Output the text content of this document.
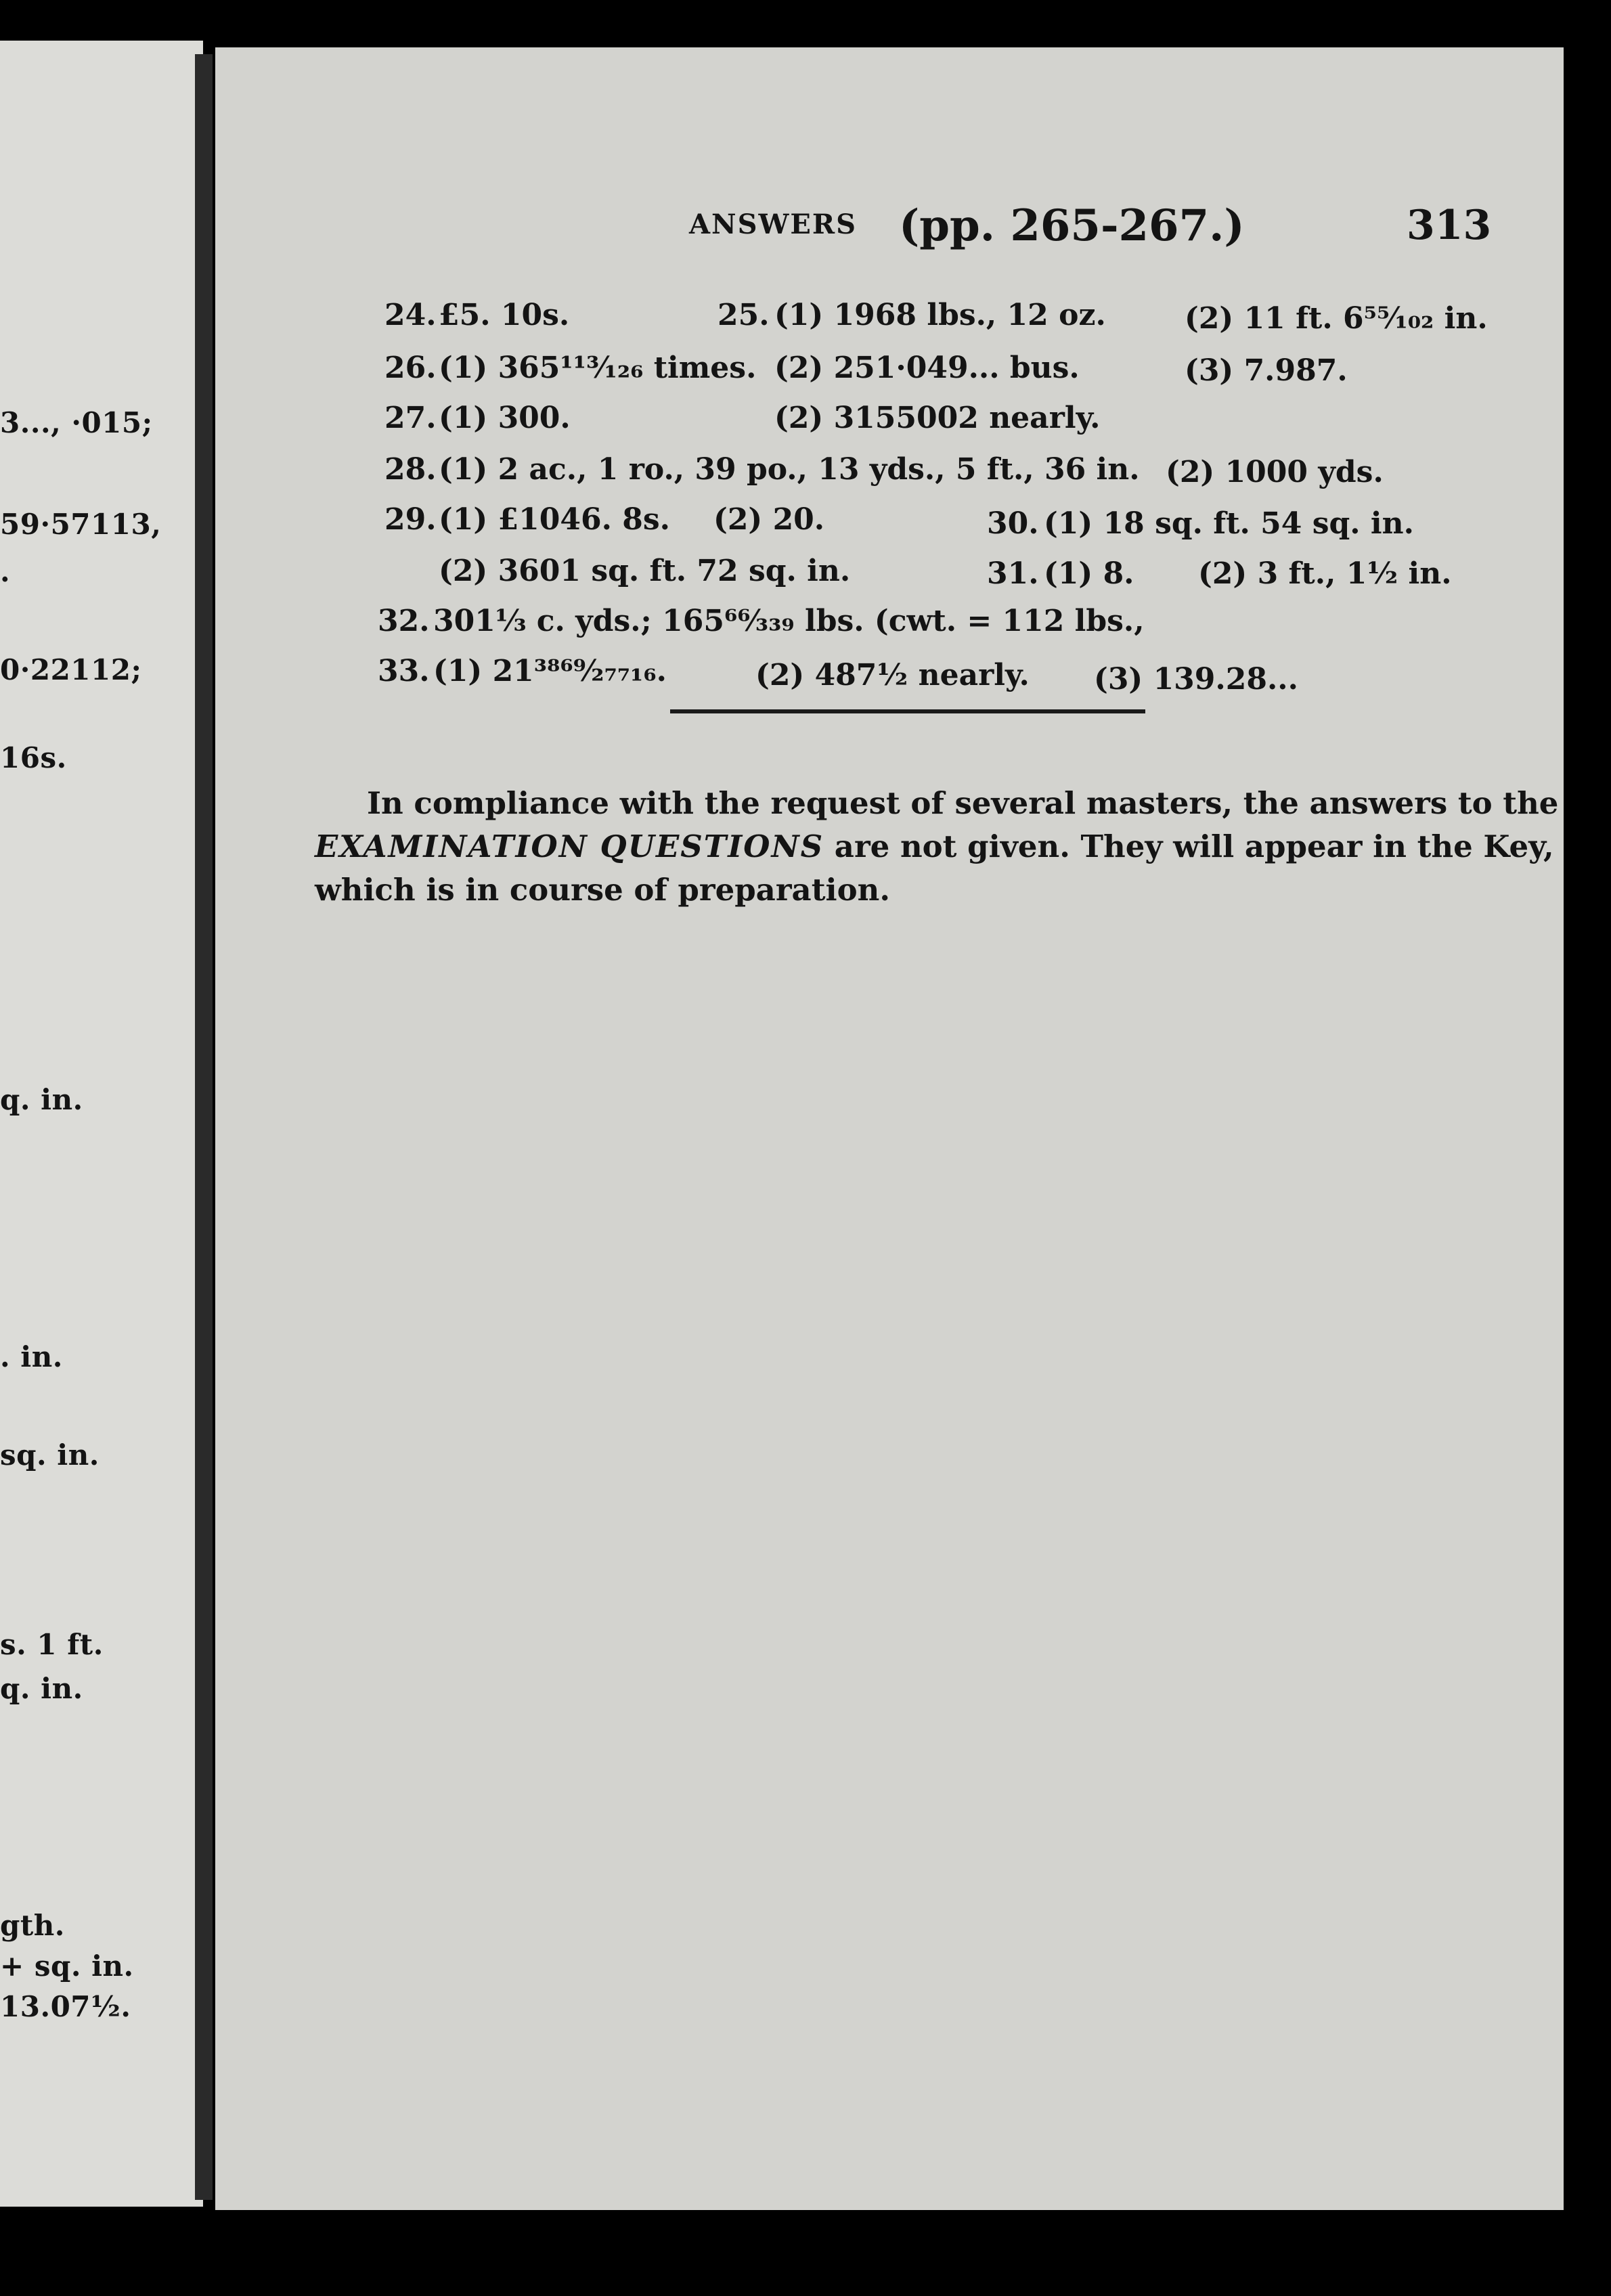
3..., ·015;
59·57113,
.
0·22112;
16s.
q. in.
. in.
sq. in.
s. 1 ft.
q. in.
gth.
+ sq. in.
13.07½.
ANSWERS (pp. 265-267.)	313
24. £5. 10s.	25. (1) 1968 lbs., 12 oz.	(2) 11 ft. 6⁵⁵⁄₁₀₂ in.
26. (1) 365¹¹³⁄₁₂₆ times. (2) 251·049... bus.	(3) 7.987.
27. (1) 300.	(2) 3155002 nearly.
28. (1) 2 ac., 1 ro., 39 po., 13 yds., 5 ft., 36 in. (2) 1000 yds.
29. (1) £1046. 8s. (2) 20.	30. (1) 18 sq. ft. 54 sq. in.
(2) 3601 sq. ft. 72 sq. in.	31. (1) 8. (2) 3 ft., 1½ in.
32. 301⅓ c. yds.; 165⁶⁶⁄₃₃₉ lbs. (cwt. = 112 lbs.,
33. (1) 21³⁸⁶⁹⁄₂₇₇₁₆.	(2) 487½ nearly. (3) 139.28...
In compliance with the request of several masters, the answers to the
EXAMINATION QUESTIONS are not given. They will appear in the Key,
which is in course of preparation.
